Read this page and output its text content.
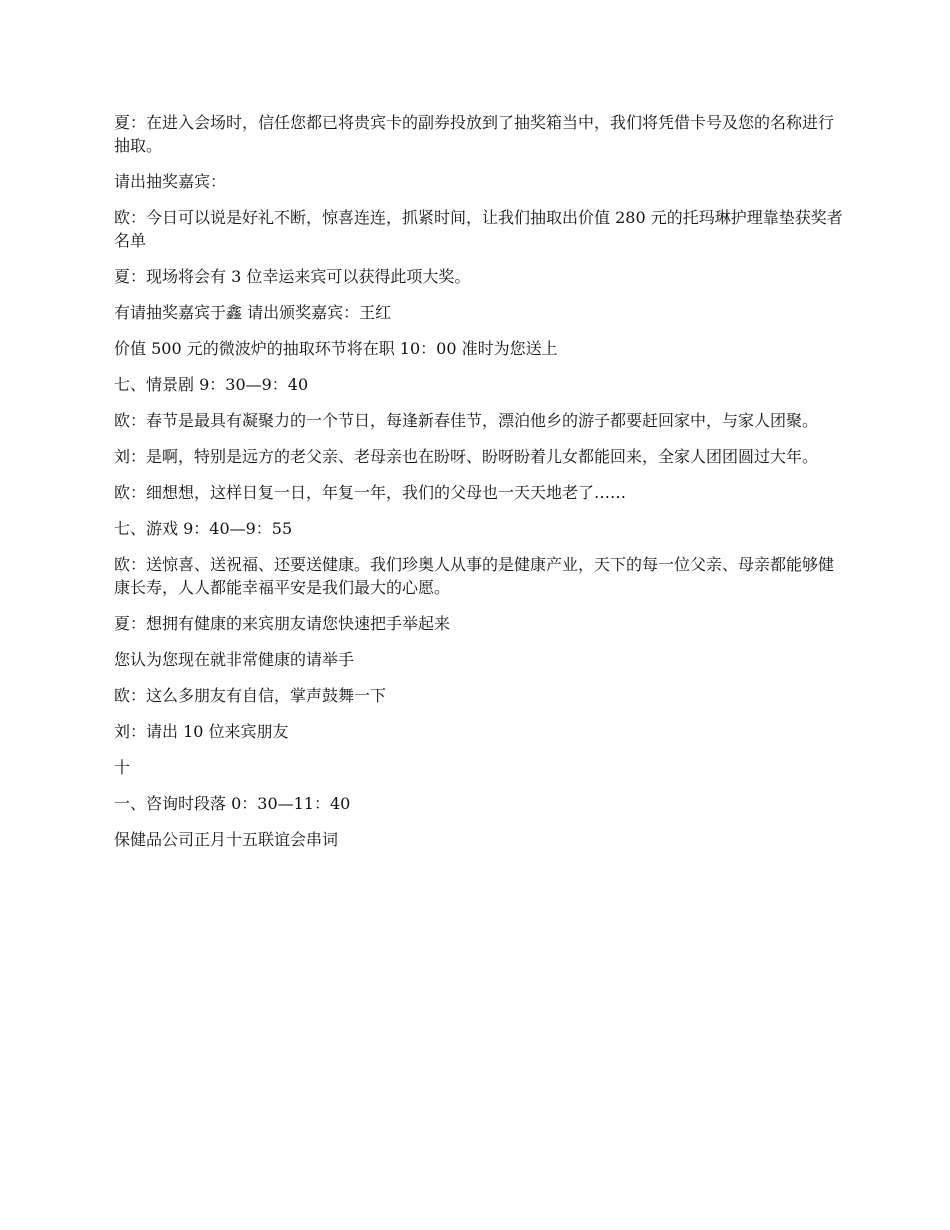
夏：在进入会场时，信任您都已将贵宾卡的副券投放到了抽奖箱当中，我们将凭借卡号及您的名称进行抽取。

请出抽奖嘉宾：

欧：今日可以说是好礼不断，惊喜连连，抓紧时间，让我们抽取出价值 280 元的托玛琳护理靠垫获奖者名单

夏：现场将会有 3 位幸运来宾可以获得此项大奖。

有请抽奖嘉宾于鑫 请出颁奖嘉宾：王红

价值 500 元的微波炉的抽取环节将在职 10：00 准时为您送上

七、情景剧 9：30—9：40

欧：春节是最具有凝聚力的一个节日，每逢新春佳节，漂泊他乡的游子都要赶回家中，与家人团聚。

刘：是啊，特别是远方的老父亲、老母亲也在盼呀、盼呀盼着儿女都能回来，全家人团团圆过大年。

欧：细想想，这样日复一日，年复一年，我们的父母也一天天地老了……

七、游戏 9：40—9：55

欧：送惊喜、送祝福、还要送健康。我们珍奥人从事的是健康产业，天下的每一位父亲、母亲都能够健康长寿，人人都能幸福平安是我们最大的心愿。

夏：想拥有健康的来宾朋友请您快速把手举起来

您认为您现在就非常健康的请举手

欧：这么多朋友有自信，掌声鼓舞一下

刘：请出 10 位来宾朋友

十

一、咨询时段落 0：30—11：40

保健品公司正月十五联谊会串词
